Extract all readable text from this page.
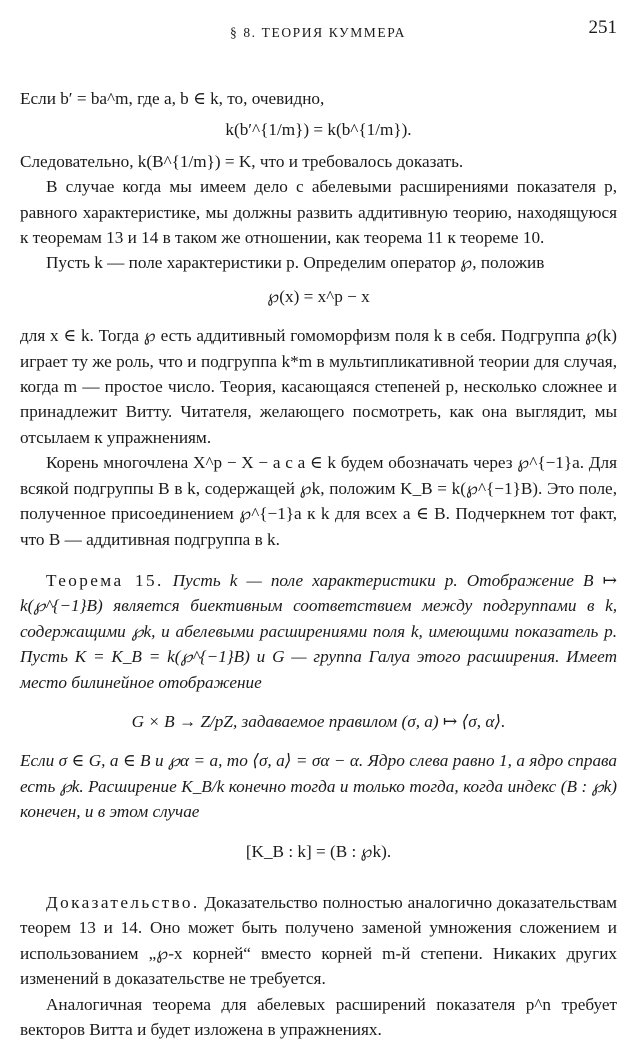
§ 8. ТЕОРИЯ КУММЕРА	251

Если b′ = ba^m, где a, b ∈ k, то, очевидно,

k(b′^{1/m}) = k(b^{1/m}).

Следовательно, k(B^{1/m}) = K, что и требовалось доказать.

В случае когда мы имеем дело с абелевыми расширениями показателя p, равного характеристике, мы должны развить аддитивную теорию, находящуюся к теоремам 13 и 14 в таком же отношении, как теорема 11 к теореме 10.

Пусть k — поле характеристики p. Определим оператор ℘, положив

℘(x) = x^p − x

для x ∈ k. Тогда ℘ есть аддитивный гомоморфизм поля k в себя. Подгруппа ℘(k) играет ту же роль, что и подгруппа k*m в мультипликативной теории для случая, когда m — простое число. Теория, касающаяся степеней p, несколько сложнее и принадлежит Витту. Читателя, желающего посмотреть, как она выглядит, мы отсылаем к упражнениям.

Корень многочлена X^p − X − a с a ∈ k будем обозначать через ℘^{−1}a. Для всякой подгруппы B в k, содержащей ℘k, положим K_B = k(℘^{−1}B). Это поле, полученное присоединением ℘^{−1}a к k для всех a ∈ B. Подчеркнем тот факт, что B — аддитивная подгруппа в k.

Теорема 15. Пусть k — поле характеристики p. Отображение B ↦ k(℘^{−1}B) является биективным соответствием между подгруппами в k, содержащими ℘k, и абелевыми расширениями поля k, имеющими показатель p. Пусть K = K_B = k(℘^{−1}B) и G — группа Галуа этого расширения. Имеет место билинейное отображение

G × B → Z/pZ, задаваемое правилом (σ, a) ↦ ⟨σ, α⟩.

Если σ ∈ G, a ∈ B и ℘α = a, то ⟨σ, a⟩ = σα − α. Ядро слева равно 1, а ядро справа есть ℘k. Расширение K_B/k конечно тогда и только тогда, когда индекс (B : ℘k) конечен, и в этом случае

[K_B : k] = (B : ℘k).

Доказательство. Доказательство полностью аналогично доказательствам теорем 13 и 14. Оно может быть получено заменой умножения сложением и использованием „℘-х корней“ вместо корней m-й степени. Никаких других изменений в доказательстве не требуется.

Аналогичная теорема для абелевых расширений показателя p^n требует векторов Витта и будет изложена в упражнениях.
